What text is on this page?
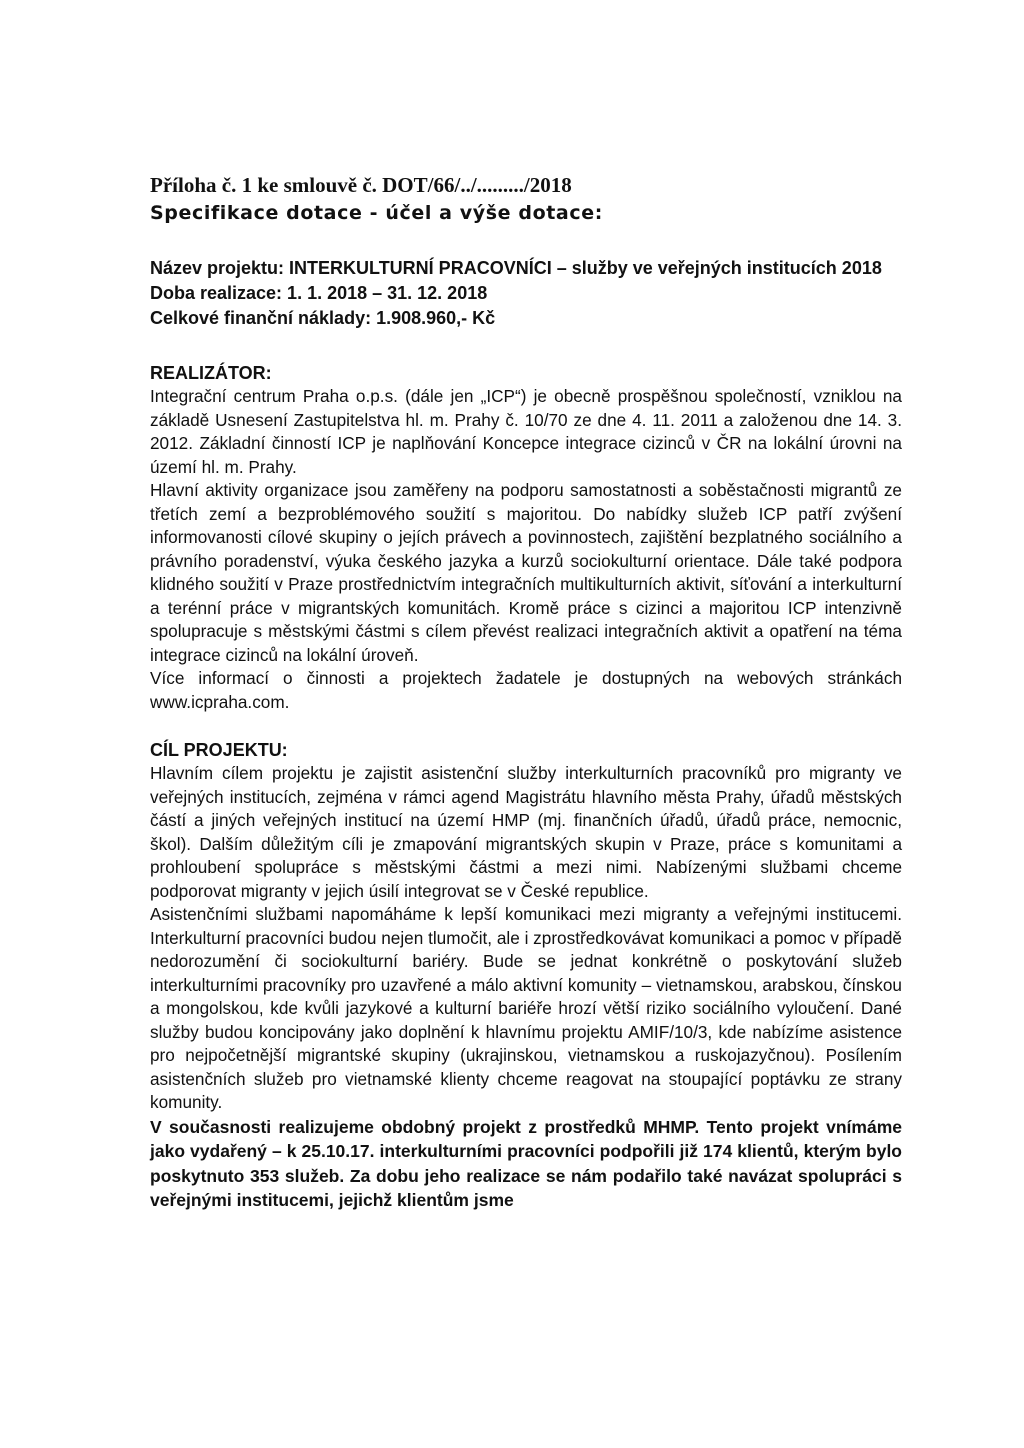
Příloha č. 1 ke smlouvě č. DOT/66/../........./2018

Specifikace dotace - účel a výše dotace:

Název projektu: INTERKULTURNÍ PRACOVNÍCI – služby ve veřejných institucích 2018

Doba realizace: 1. 1. 2018 – 31. 12. 2018

Celkové finanční náklady: 1.908.960,- Kč

REALIZÁTOR:

Integrační centrum Praha o.p.s. (dále jen „ICP“) je obecně prospěšnou společností, vzniklou na základě Usnesení Zastupitelstva hl. m. Prahy č. 10/70 ze dne 4. 11. 2011 a založenou dne 14. 3. 2012. Základní činností ICP je naplňování Koncepce integrace cizinců v ČR na lokální úrovni na území hl. m. Prahy.

Hlavní aktivity organizace jsou zaměřeny na podporu samostatnosti a soběstačnosti migrantů ze třetích zemí a bezproblémového soužití s majoritou. Do nabídky služeb ICP patří zvýšení informovanosti cílové skupiny o jejích právech a povinnostech, zajištění bezplatného sociálního a právního poradenství, výuka českého jazyka a kurzů sociokulturní orientace. Dále také podpora klidného soužití v Praze prostřednictvím integračních multikulturních aktivit, síťování a interkulturní a terénní práce v migrantských komunitách. Kromě práce s cizinci a majoritou ICP intenzivně spolupracuje s městskými částmi s cílem převést realizaci integračních aktivit a opatření na téma integrace cizinců na lokální úroveň.

Více informací o činnosti a projektech žadatele je dostupných na webových stránkách www.icpraha.com.

CÍL PROJEKTU:

Hlavním cílem projektu je zajistit asistenční služby interkulturních pracovníků pro migranty ve veřejných institucích, zejména v rámci agend Magistrátu hlavního města Prahy, úřadů městských částí a jiných veřejných institucí na území HMP (mj. finančních úřadů, úřadů práce, nemocnic, škol). Dalším důležitým cíli je zmapování migrantských skupin v Praze, práce s komunitami a prohloubení spolupráce s městskými částmi a mezi nimi. Nabízenými službami chceme podporovat migranty v jejich úsilí integrovat se v České republice.

Asistenčními službami napomáháme k lepší komunikaci mezi migranty a veřejnými institucemi. Interkulturní pracovníci budou nejen tlumočit, ale i zprostředkovávat komunikaci a pomoc v případě nedorozumění či sociokulturní bariéry. Bude se jednat konkrétně o poskytování služeb interkulturními pracovníky pro uzavřené a málo aktivní komunity – vietnamskou, arabskou, čínskou a mongolskou, kde kvůli jazykové a kulturní bariéře hrozí větší riziko sociálního vyloučení. Dané služby budou koncipovány jako doplnění k hlavnímu projektu AMIF/10/3, kde nabízíme asistence pro nejpočetnější migrantské skupiny (ukrajinskou, vietnamskou a ruskojazyčnou). Posílením asistenčních služeb pro vietnamské klienty chceme reagovat na stoupající poptávku ze strany komunity.

V současnosti realizujeme obdobný projekt z prostředků MHMP. Tento projekt vnímáme jako vydařený – k 25.10.17. interkulturními pracovníci podpořili již 174 klientů, kterým bylo poskytnuto 353 služeb. Za dobu jeho realizace se nám podařilo také navázat spolupráci s veřejnými institucemi, jejichž klientům jsme
